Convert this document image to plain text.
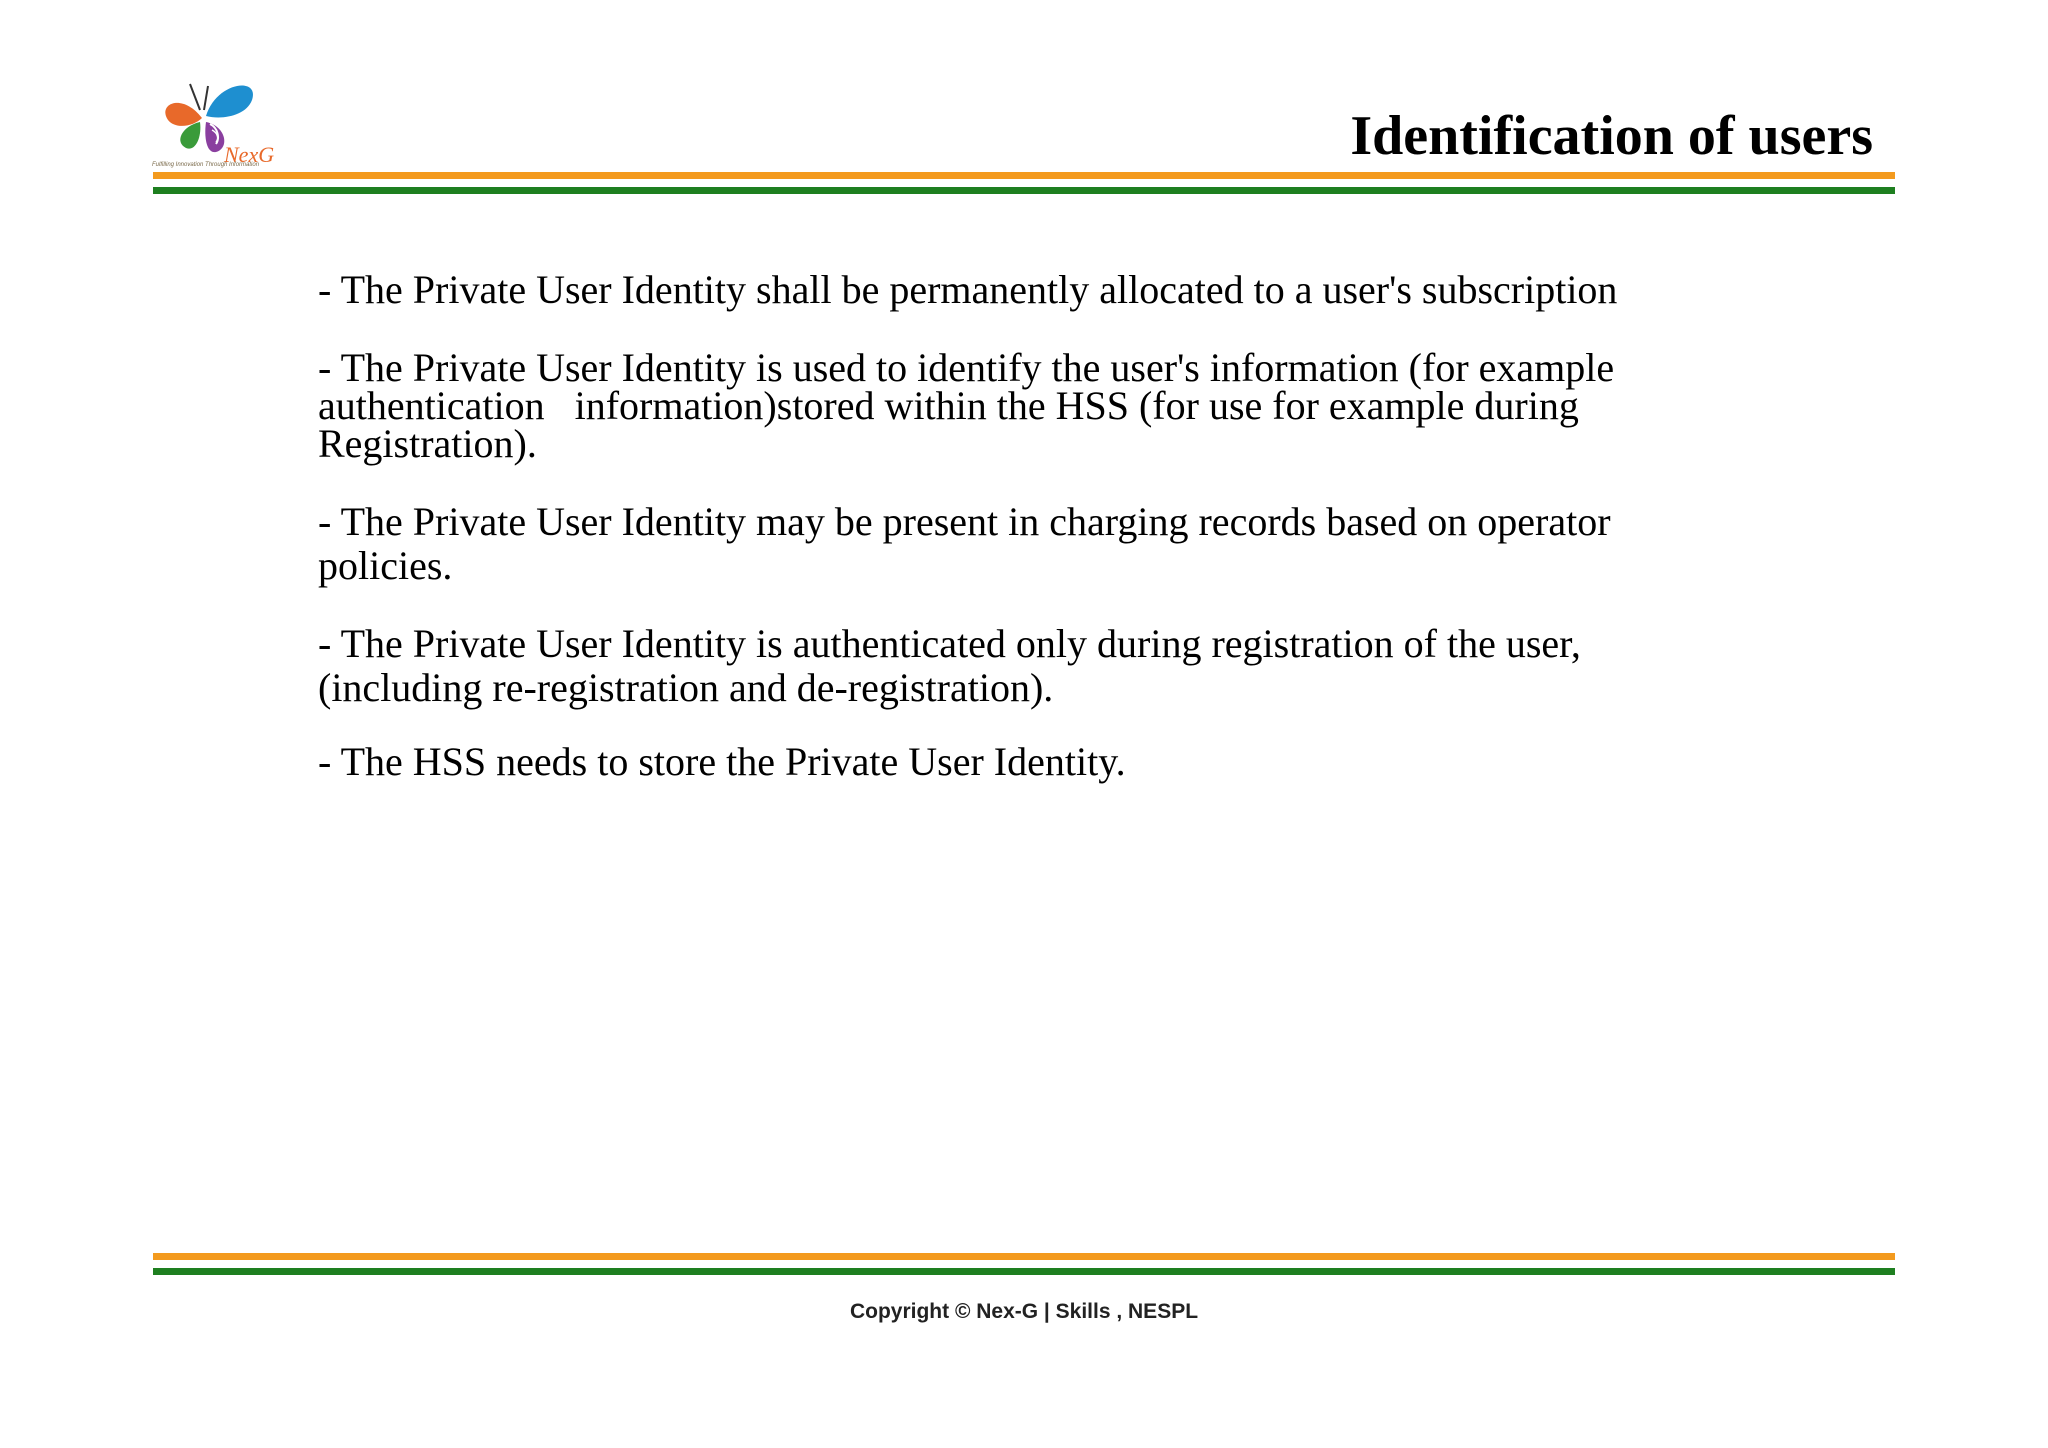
NexG
Fulfilling Innovation Through Information	Identification of users
- The Private User Identity shall be permanently allocated to a user's subscription
- The Private User Identity is used to identify the user's information (for example
authentication   information)stored within the HSS (for use for example during
Registration).
- The Private User Identity may be present in charging records based on operator
policies.
- The Private User Identity is authenticated only during registration of the user,
(including re-registration and de-registration).
- The HSS needs to store the Private User Identity.
Copyright © Nex-G | Skills , NESPL
